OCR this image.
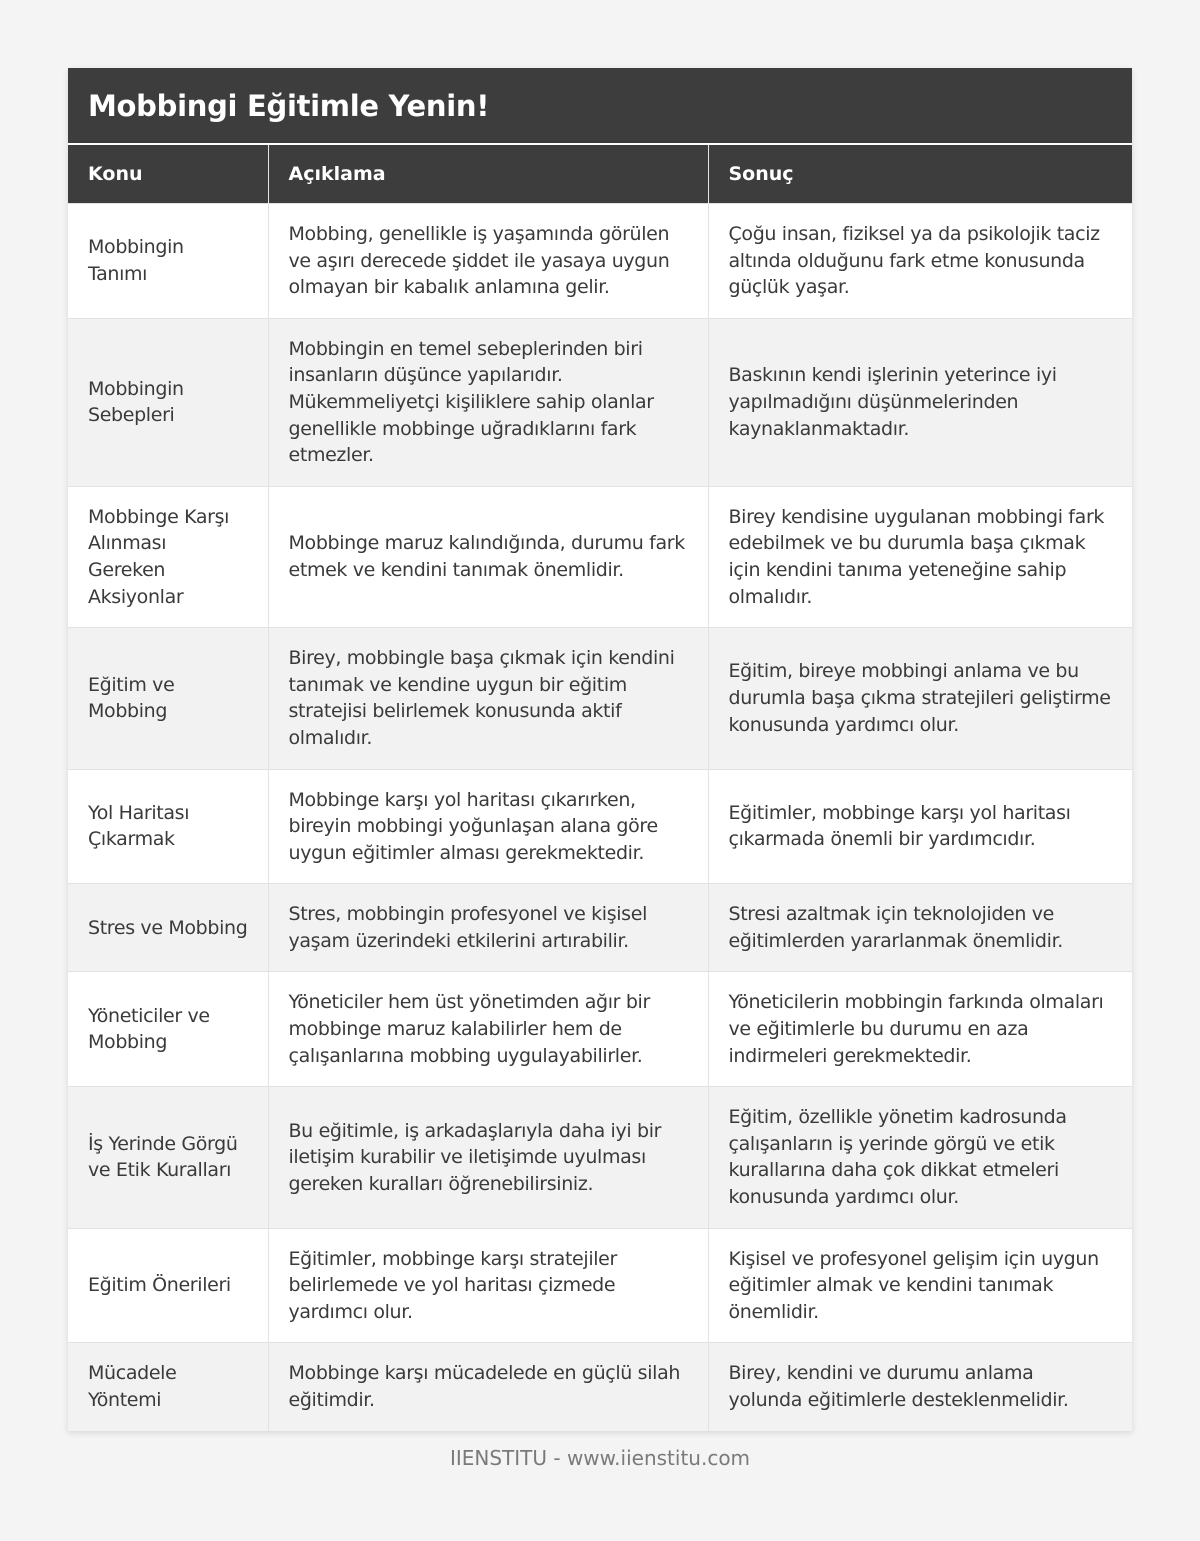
Mobbingi Eğitimle Yenin!
Konu	Açıklama	Sonuç
Mobbingin Tanımı	Mobbing, genellikle iş yaşamında görülen ve aşırı derecede şiddet ile yasaya uygun olmayan bir kabalık anlamına gelir.	Çoğu insan, fiziksel ya da psikolojik taciz altında olduğunu fark etme konusunda güçlük yaşar.
Mobbingin Sebepleri	Mobbingin en temel sebeplerinden biri insanların düşünce yapılarıdır. Mükemmeliyetçi kişiliklere sahip olanlar genellikle mobbinge uğradıklarını fark etmezler.	Baskının kendi işlerinin yeterince iyi yapılmadığını düşünmelerinden kaynaklanmaktadır.
Mobbinge Karşı Alınması Gereken Aksiyonlar	Mobbinge maruz kalındığında, durumu fark etmek ve kendini tanımak önemlidir.	Birey kendisine uygulanan mobbingi fark edebilmek ve bu durumla başa çıkmak için kendini tanıma yeteneğine sahip olmalıdır.
Eğitim ve Mobbing	Birey, mobbingle başa çıkmak için kendini tanımak ve kendine uygun bir eğitim stratejisi belirlemek konusunda aktif olmalıdır.	Eğitim, bireye mobbingi anlama ve bu durumla başa çıkma stratejileri geliştirme konusunda yardımcı olur.
Yol Haritası Çıkarmak	Mobbinge karşı yol haritası çıkarırken, bireyin mobbingi yoğunlaşan alana göre uygun eğitimler alması gerekmektedir.	Eğitimler, mobbinge karşı yol haritası çıkarmada önemli bir yardımcıdır.
Stres ve Mobbing	Stres, mobbingin profesyonel ve kişisel yaşam üzerindeki etkilerini artırabilir.	Stresi azaltmak için teknolojiden ve eğitimlerden yararlanmak önemlidir.
Yöneticiler ve Mobbing	Yöneticiler hem üst yönetimden ağır bir mobbinge maruz kalabilirler hem de çalışanlarına mobbing uygulayabilirler.	Yöneticilerin mobbingin farkında olmaları ve eğitimlerle bu durumu en aza indirmeleri gerekmektedir.
İş Yerinde Görgü ve Etik Kuralları	Bu eğitimle, iş arkadaşlarıyla daha iyi bir iletişim kurabilir ve iletişimde uyulması gereken kuralları öğrenebilirsiniz.	Eğitim, özellikle yönetim kadrosunda çalışanların iş yerinde görgü ve etik kurallarına daha çok dikkat etmeleri konusunda yardımcı olur.
Eğitim Önerileri	Eğitimler, mobbinge karşı stratejiler belirlemede ve yol haritası çizmede yardımcı olur.	Kişisel ve profesyonel gelişim için uygun eğitimler almak ve kendini tanımak önemlidir.
Mücadele Yöntemi	Mobbinge karşı mücadelede en güçlü silah eğitimdir.	Birey, kendini ve durumu anlama yolunda eğitimlerle desteklenmelidir.
IIENSTITU - www.iienstitu.com
